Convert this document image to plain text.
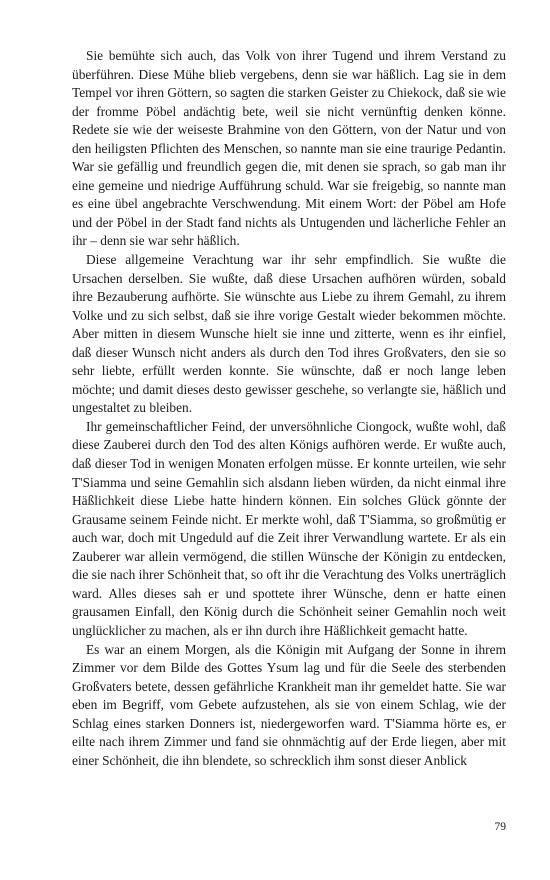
Sie bemühte sich auch, das Volk von ihrer Tugend und ihrem Verstand zu überführen. Diese Mühe blieb vergebens, denn sie war häßlich. Lag sie in dem Tempel vor ihren Göttern, so sagten die starken Geister zu Chiekock, daß sie wie der fromme Pöbel andächtig bete, weil sie nicht vernünftig denken könne. Redete sie wie der weiseste Brahmine von den Göttern, von der Natur und von den heiligsten Pflichten des Menschen, so nannte man sie eine traurige Pedantin. War sie gefällig und freundlich gegen die, mit denen sie sprach, so gab man ihr eine gemeine und niedrige Aufführung schuld. War sie freigebig, so nannte man es eine übel angebrachte Verschwendung. Mit einem Wort: der Pöbel am Hofe und der Pöbel in der Stadt fand nichts als Untugenden und lächerliche Fehler an ihr – denn sie war sehr häßlich.

Diese allgemeine Verachtung war ihr sehr empfindlich. Sie wußte die Ursachen derselben. Sie wußte, daß diese Ursachen aufhören würden, sobald ihre Bezauberung aufhörte. Sie wünschte aus Liebe zu ihrem Gemahl, zu ihrem Volke und zu sich selbst, daß sie ihre vorige Gestalt wieder bekommen möchte. Aber mitten in diesem Wunsche hielt sie inne und zitterte, wenn es ihr einfiel, daß dieser Wunsch nicht anders als durch den Tod ihres Großvaters, den sie so sehr liebte, erfüllt werden konnte. Sie wünschte, daß er noch lange leben möchte; und damit dieses desto gewisser geschehe, so verlangte sie, häßlich und ungestaltet zu bleiben.

Ihr gemeinschaftlicher Feind, der unversöhnliche Ciongock, wußte wohl, daß diese Zauberei durch den Tod des alten Königs aufhören werde. Er wußte auch, daß dieser Tod in wenigen Monaten erfolgen müsse. Er konnte urteilen, wie sehr T'Siamma und seine Gemahlin sich alsdann lieben würden, da nicht einmal ihre Häßlichkeit diese Liebe hatte hindern können. Ein solches Glück gönnte der Grausame seinem Feinde nicht. Er merkte wohl, daß T'Siamma, so großmütig er auch war, doch mit Ungeduld auf die Zeit ihrer Verwandlung wartete. Er als ein Zauberer war allein vermögend, die stillen Wünsche der Königin zu entdecken, die sie nach ihrer Schönheit that, so oft ihr die Verachtung des Volks unerträglich ward. Alles dieses sah er und spottete ihrer Wünsche, denn er hatte einen grausamen Einfall, den König durch die Schönheit seiner Gemahlin noch weit unglücklicher zu machen, als er ihn durch ihre Häßlichkeit gemacht hatte.

Es war an einem Morgen, als die Königin mit Aufgang der Sonne in ihrem Zimmer vor dem Bilde des Gottes Ysum lag und für die Seele des sterbenden Großvaters betete, dessen gefährliche Krankheit man ihr gemeldet hatte. Sie war eben im Begriff, vom Gebete aufzustehen, als sie von einem Schlag, wie der Schlag eines starken Donners ist, niedergeworfen ward. T'Siamma hörte es, er eilte nach ihrem Zimmer und fand sie ohnmächtig auf der Erde liegen, aber mit einer Schönheit, die ihn blendete, so schrecklich ihm sonst dieser Anblick

79
